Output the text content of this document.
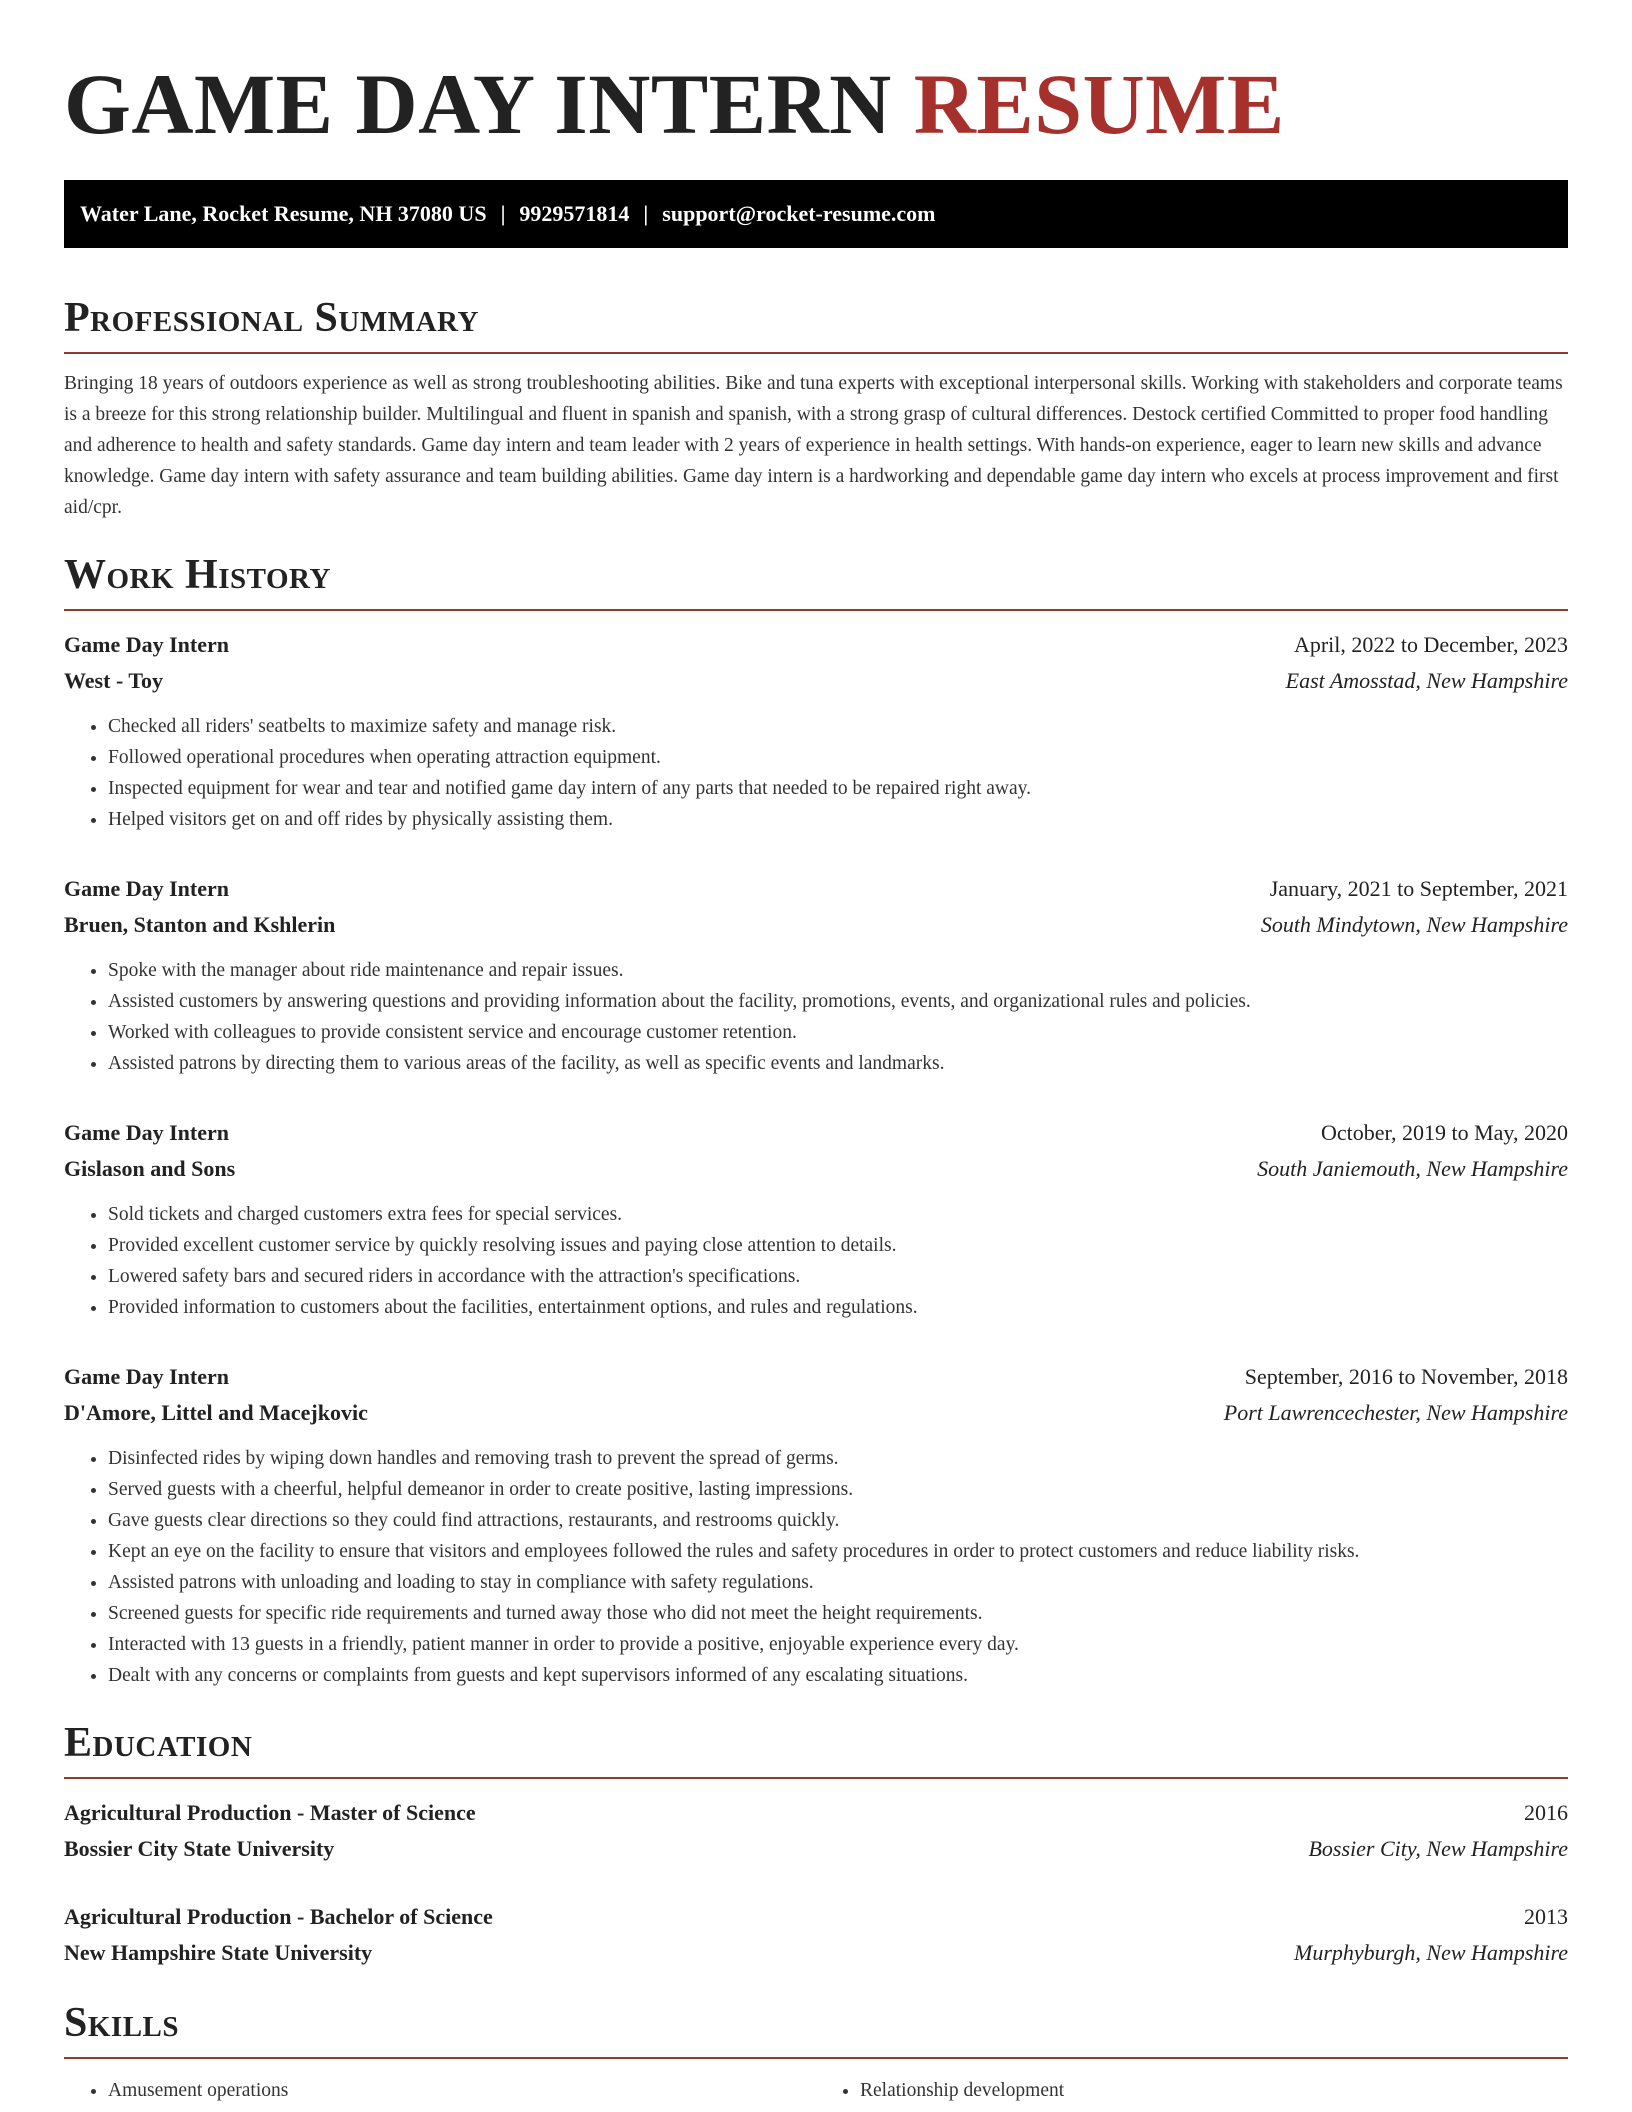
GAME DAY INTERN RESUME
Water Lane, Rocket Resume, NH 37080 US | 9929571814 | support@rocket-resume.com
Professional Summary

Bringing 18 years of outdoors experience as well as strong troubleshooting abilities. Bike and tuna experts with exceptional interpersonal skills. Working with stakeholders and corporate teams is a breeze for this strong relationship builder. Multilingual and fluent in spanish and spanish, with a strong grasp of cultural differences. Destock certified Committed to proper food handling and adherence to health and safety standards. Game day intern and team leader with 2 years of experience in health settings. With hands-on experience, eager to learn new skills and advance knowledge. Game day intern with safety assurance and team building abilities. Game day intern is a hardworking and dependable game day intern who excels at process improvement and first aid/cpr.

Work History
Game Day Intern	April, 2022 to December, 2023
West - Toy	East Amosstad, New Hampshire
• Checked all riders' seatbelts to maximize safety and manage risk.
• Followed operational procedures when operating attraction equipment.
• Inspected equipment for wear and tear and notified game day intern of any parts that needed to be repaired right away.
• Helped visitors get on and off rides by physically assisting them.
Game Day Intern	January, 2021 to September, 2021
Bruen, Stanton and Kshlerin	South Mindytown, New Hampshire
• Spoke with the manager about ride maintenance and repair issues.
• Assisted customers by answering questions and providing information about the facility, promotions, events, and organizational rules and policies.
• Worked with colleagues to provide consistent service and encourage customer retention.
• Assisted patrons by directing them to various areas of the facility, as well as specific events and landmarks.
Game Day Intern	October, 2019 to May, 2020
Gislason and Sons	South Janiemouth, New Hampshire
• Sold tickets and charged customers extra fees for special services.
• Provided excellent customer service by quickly resolving issues and paying close attention to details.
• Lowered safety bars and secured riders in accordance with the attraction's specifications.
• Provided information to customers about the facilities, entertainment options, and rules and regulations.
Game Day Intern	September, 2016 to November, 2018
D'Amore, Littel and Macejkovic	Port Lawrencechester, New Hampshire
• Disinfected rides by wiping down handles and removing trash to prevent the spread of germs.
• Served guests with a cheerful, helpful demeanor in order to create positive, lasting impressions.
• Gave guests clear directions so they could find attractions, restaurants, and restrooms quickly.
• Kept an eye on the facility to ensure that visitors and employees followed the rules and safety procedures in order to protect customers and reduce liability risks.
• Assisted patrons with unloading and loading to stay in compliance with safety regulations.
• Screened guests for specific ride requirements and turned away those who did not meet the height requirements.
• Interacted with 13 guests in a friendly, patient manner in order to provide a positive, enjoyable experience every day.
• Dealt with any concerns or complaints from guests and kept supervisors informed of any escalating situations.
Education
Agricultural Production - Master of Science	2016
Bossier City State University	Bossier City, New Hampshire
Agricultural Production - Bachelor of Science	2013
New Hampshire State University	Murphyburgh, New Hampshire
Skills
• Amusement operations
•	Relationship development
